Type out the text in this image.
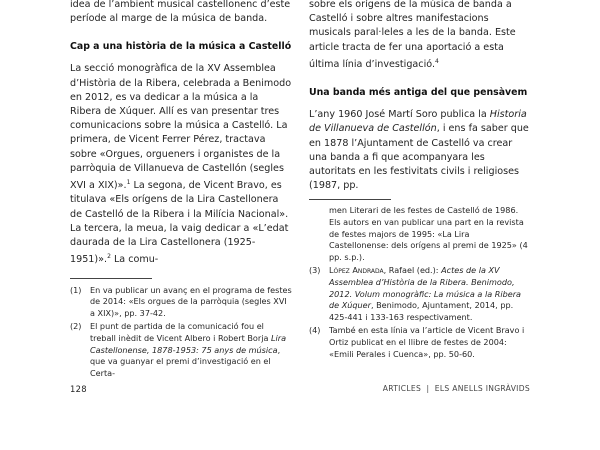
idea de l’ambient musical castellonenc d’este
període al marge de la música de banda.

Cap a una història de la música a Castelló

La secció monogràfica de la XV Assemblea d’Història de la Ribera, celebrada a Benimodo en 2012, es va dedicar a la música a la Ribera de Xúquer. Allí es van presentar tres comunicacions sobre la música a Castelló. La primera, de Vicent Ferrer Pérez, tractava sobre «Orgues, orgueners i organistes de la parròquia de Villanueva de Castellón (segles XVI a XIX)».$^1$ La segona, de Vicent Bravo, es titulava «Els orígens de la Lira Castellonera de Castelló de la Ribera i la Milícia Nacional». La tercera, la meua, la vaig dedicar a «L’edat daurada de la Lira Castellonera (1925-1951)».$^2$ La comu-

(1)	En va publicar un avanç en el programa de festes de 2014: «Els orgues de la parròquia (segles XVI a XIX)», pp. 37-42.
(2)	El punt de partida de la comunicació fou el treball inèdit de Vicent Albero i Robert Borja Lira Castellonense, 1878-1953: 75 anys de música, que va guanyar el premi d’investigació en el Certa-

sobre els orígens de la música de banda a Castelló i sobre altres manifestacions musicals paral·leles a les de la banda. Este article tracta de fer una aportació a esta última línia d’investigació.$^4$

Una banda més antiga del que pensàvem

L’any 1960 José Martí Soro publica la Historia de Villanueva de Castellón, i ens fa saber que en 1878 l’Ajuntament de Castelló va crear una banda a fi que acompanyara les autoritats en les festivitats civils i religioses (1987, pp.

men Literari de les festes de Castelló de 1986. Els autors en van publicar una part en la revista de festes majors de 1995: «La Lira Castellonense: dels orígens al premi de 1925» (4 pp. s.p.).

(3)	López Andrada, Rafael (ed.): Actes de la XV Assemblea d’Història de la Ribera. Benimodo, 2012. Volum monogràfic: La música a la Ribera de Xúquer, Benimodo, Ajuntament, 2014, pp. 425-441 i 133-163 respectivament.
(4)	També en esta línia va l’article de Vicent Bravo i Ortiz publicat en el llibre de festes de 2004: «Emili Perales i Cuenca», pp. 50-60.
128	ARTICLES  |  ELS ANELLS INGRÀVIDS
